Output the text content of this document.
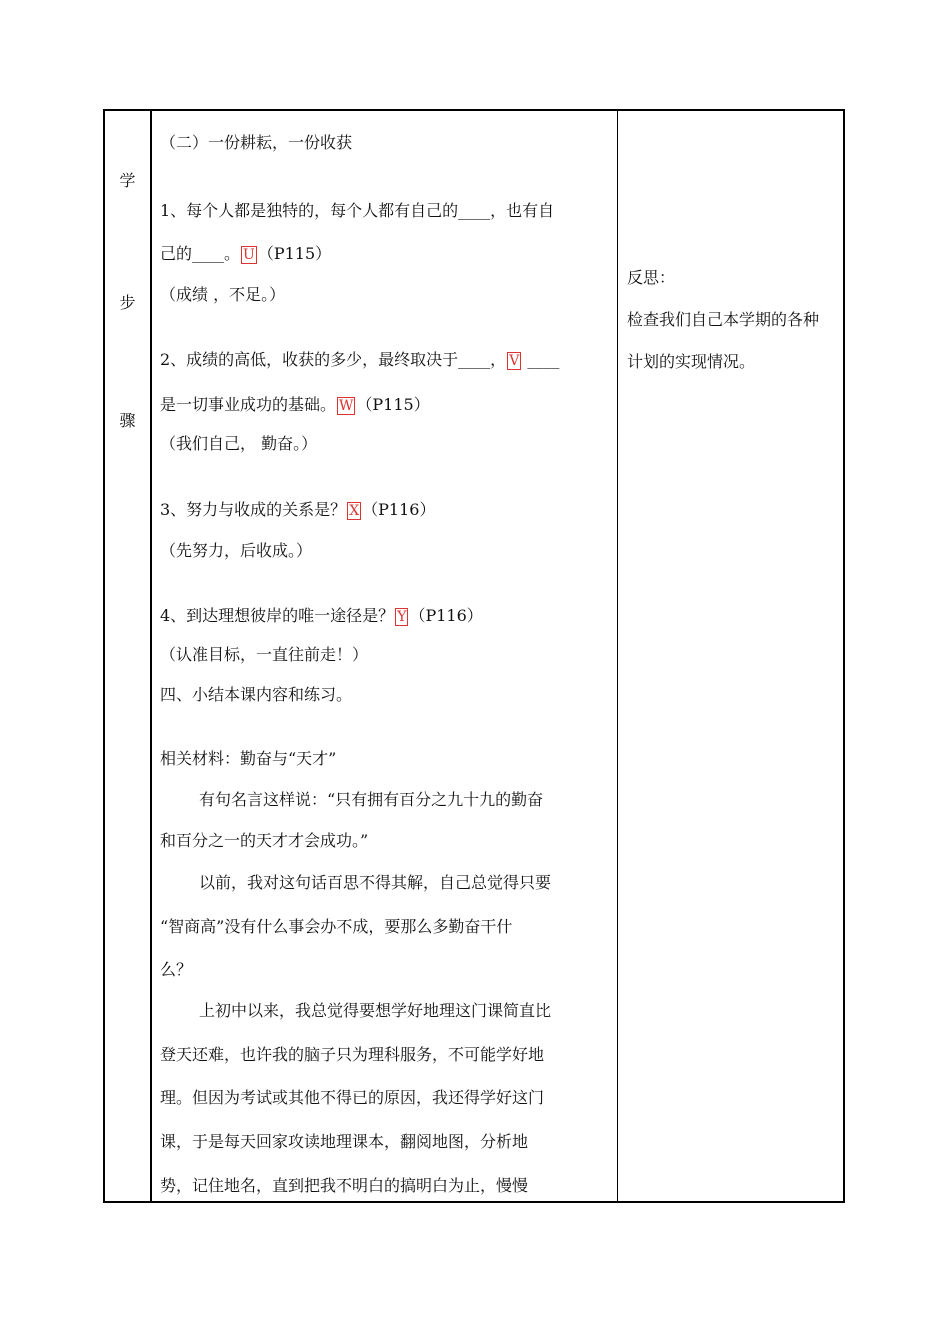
学
步
骤
（二）一份耕耘，一份收获
1、每个人都是独特的，每个人都有自己的____，也有自
己的____。 U （P115）
（成绩 ，不足。）
2、成绩的高低，收获的多少，最终取决于____， V ____
是一切事业成功的基础。 W （P115）
（我们自己， 勤奋。）
3、努力与收成的关系是？ X （P116）
（先努力，后收成。）
4、到达理想彼岸的唯一途径是？ Y （P116）
（认准目标，一直往前走！）
四、小结本课内容和练习。
相关材料：勤奋与“天才”
有句名言这样说：“只有拥有百分之九十九的勤奋
和百分之一的天才才会成功。”
以前，我对这句话百思不得其解，自己总觉得只要
“智商高”没有什么事会办不成，要那么多勤奋干什
么？
上初中以来，我总觉得要想学好地理这门课简直比
登天还难，也许我的脑子只为理科服务，不可能学好地
理。但因为考试或其他不得已的原因，我还得学好这门
课，于是每天回家攻读地理课本，翻阅地图，分析地
势，记住地名，直到把我不明白的搞明白为止，慢慢
反思：
检查我们自己本学期的各种
计划的实现情况。
